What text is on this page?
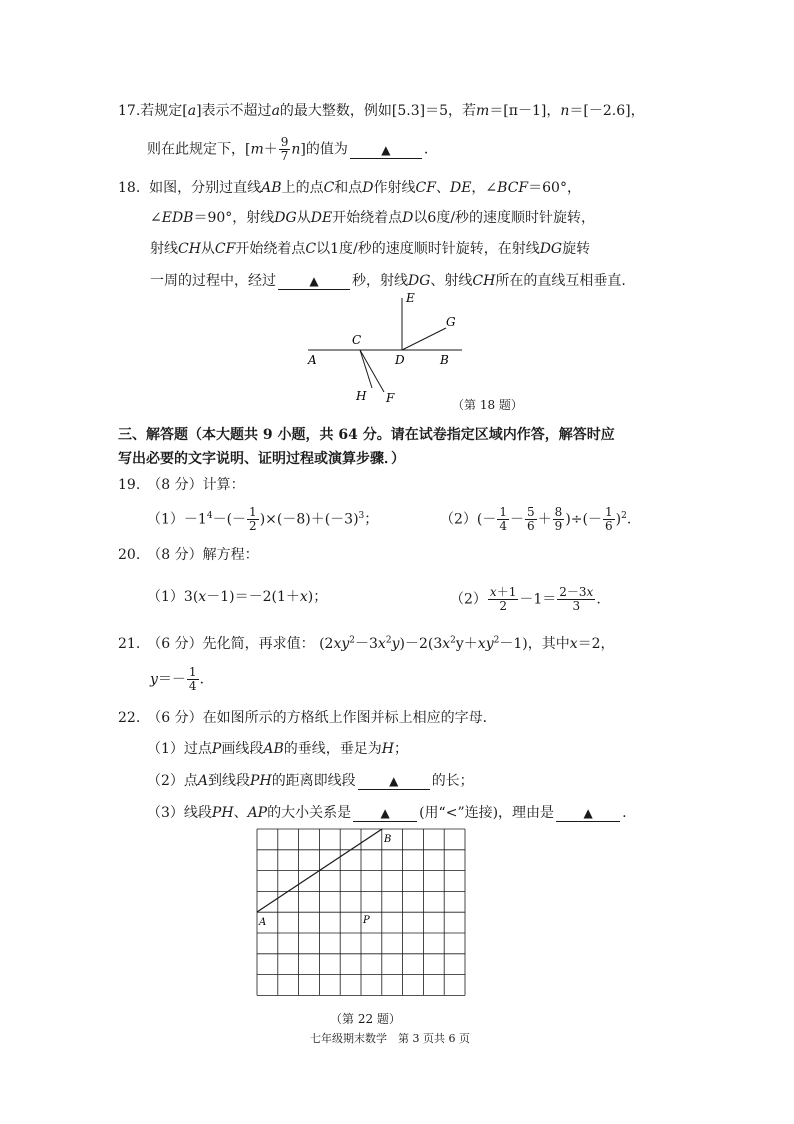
17.若规定[a]表示不超过a的最大整数，例如[5.3]＝5，若m＝[π－1]，n＝[－2.6]，
则在此规定下，$[m+ \frac{9}{7} n]$的值为	▲ .
18. 如图，分别过直线AB上的点C和点D作射线CF、DE，∠BCF＝60°，
∠EDB＝90°，射线DG从DE开始绕着点D以6度/秒的速度顺时针旋转，
射线CH从CF开始绕着点C以1度/秒的速度顺时针旋转，在射线DG旋转
一周的过程中，经过	▲ 秒，射线DG、射线CH所在的直线互相垂直.
E
G
C
A	D	B
H F	（第 18 题）
三、解答题（本大题共 9 小题，共 64 分。请在试卷指定区域内作答，解答时应
写出必要的文字说明、证明过程或演算步骤．）
19.　（8 分）计算：
$(1)-1^4-(- \frac{1}{2} )\times(-8)+(-3)^3$；	$(2)(- \frac{1}{4} - \frac{5}{6} + \frac{8}{9}$ )÷(－ $\frac{1}{6} )^2$.
20.　（8 分）解方程：
（1）3(x－1)＝－2(1＋x)；	$(2) \frac{x+1}{2} -1= \frac{2-3x}{3}$ .
21.　（6 分）先化简，再求值： $(2xy^2-3x^2y)-2(3x^2y+xy^2-1)$，其中x＝2，
$y=- \frac{1}{4}$ ．
22.　（6 分）在如图所示的方格纸上作图并标上相应的字母．
（1）过点P画线段AB的垂线，垂足为H；
（2）点A到线段PH的距离即线段	▲ 的长；
（3）线段PH、AP的大小关系是 ▲ (用“<”连接)，理由是 ▲ .
A
B
P
（第 22 题）
七年级期末数学　第 3 页共 6 页
